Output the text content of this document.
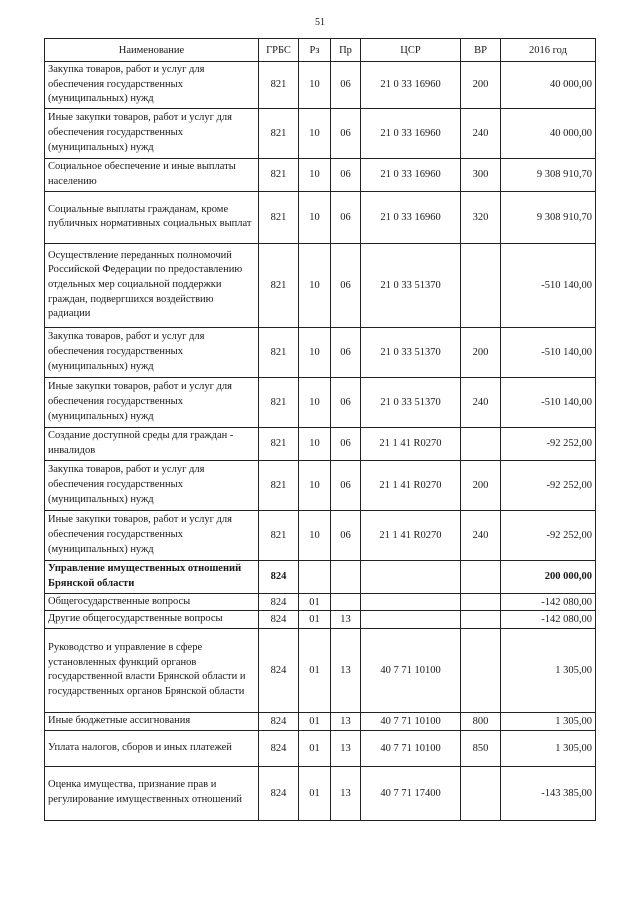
51
Наименование	ГРБС	Рз	Пр	ЦСР	ВР	2016 год
Закупка товаров, работ и услуг для обеспечения государственных (муниципальных) нужд	821	10	06	21 0 33 16960	200	40 000,00
Иные закупки товаров, работ и услуг для обеспечения государственных (муниципальных) нужд	821	10	06	21 0 33 16960	240	40 000,00
Социальное обеспечение и иные выплаты населению	821	10	06	21 0 33 16960	300	9 308 910,70
Социальные выплаты гражданам, кроме публичных нормативных социальных выплат	821	10	06	21 0 33 16960	320	9 308 910,70
Осуществление переданных полномочий Российской Федерации по предоставлению отдельных мер социальной поддержки граждан, подвергшихся воздействию радиации	821	10	06	21 0 33 51370		-510 140,00
Закупка товаров, работ и услуг для обеспечения государственных (муниципальных) нужд	821	10	06	21 0 33 51370	200	-510 140,00
Иные закупки товаров, работ и услуг для обеспечения государственных (муниципальных) нужд	821	10	06	21 0 33 51370	240	-510 140,00
Создание доступной среды для граждан - инвалидов	821	10	06	21 1 41 R0270		-92 252,00
Закупка товаров, работ и услуг для обеспечения государственных (муниципальных) нужд	821	10	06	21 1 41 R0270	200	-92 252,00
Иные закупки товаров, работ и услуг для обеспечения государственных (муниципальных) нужд	821	10	06	21 1 41 R0270	240	-92 252,00
Управление имущественных отношений Брянской области	824					200 000,00
Общегосударственные вопросы	824	01				-142 080,00
Другие общегосударственные вопросы	824	01	13			-142 080,00
Руководство и управление в сфере установленных функций органов государственной власти Брянской области и государственных органов Брянской области	824	01	13	40 7 71 10100		1 305,00
Иные бюджетные ассигнования	824	01	13	40 7 71 10100	800	1 305,00
Уплата налогов, сборов и иных платежей	824	01	13	40 7 71 10100	850	1 305,00
Оценка имущества, признание прав и регулирование имущественных отношений	824	01	13	40 7 71 17400		-143 385,00
